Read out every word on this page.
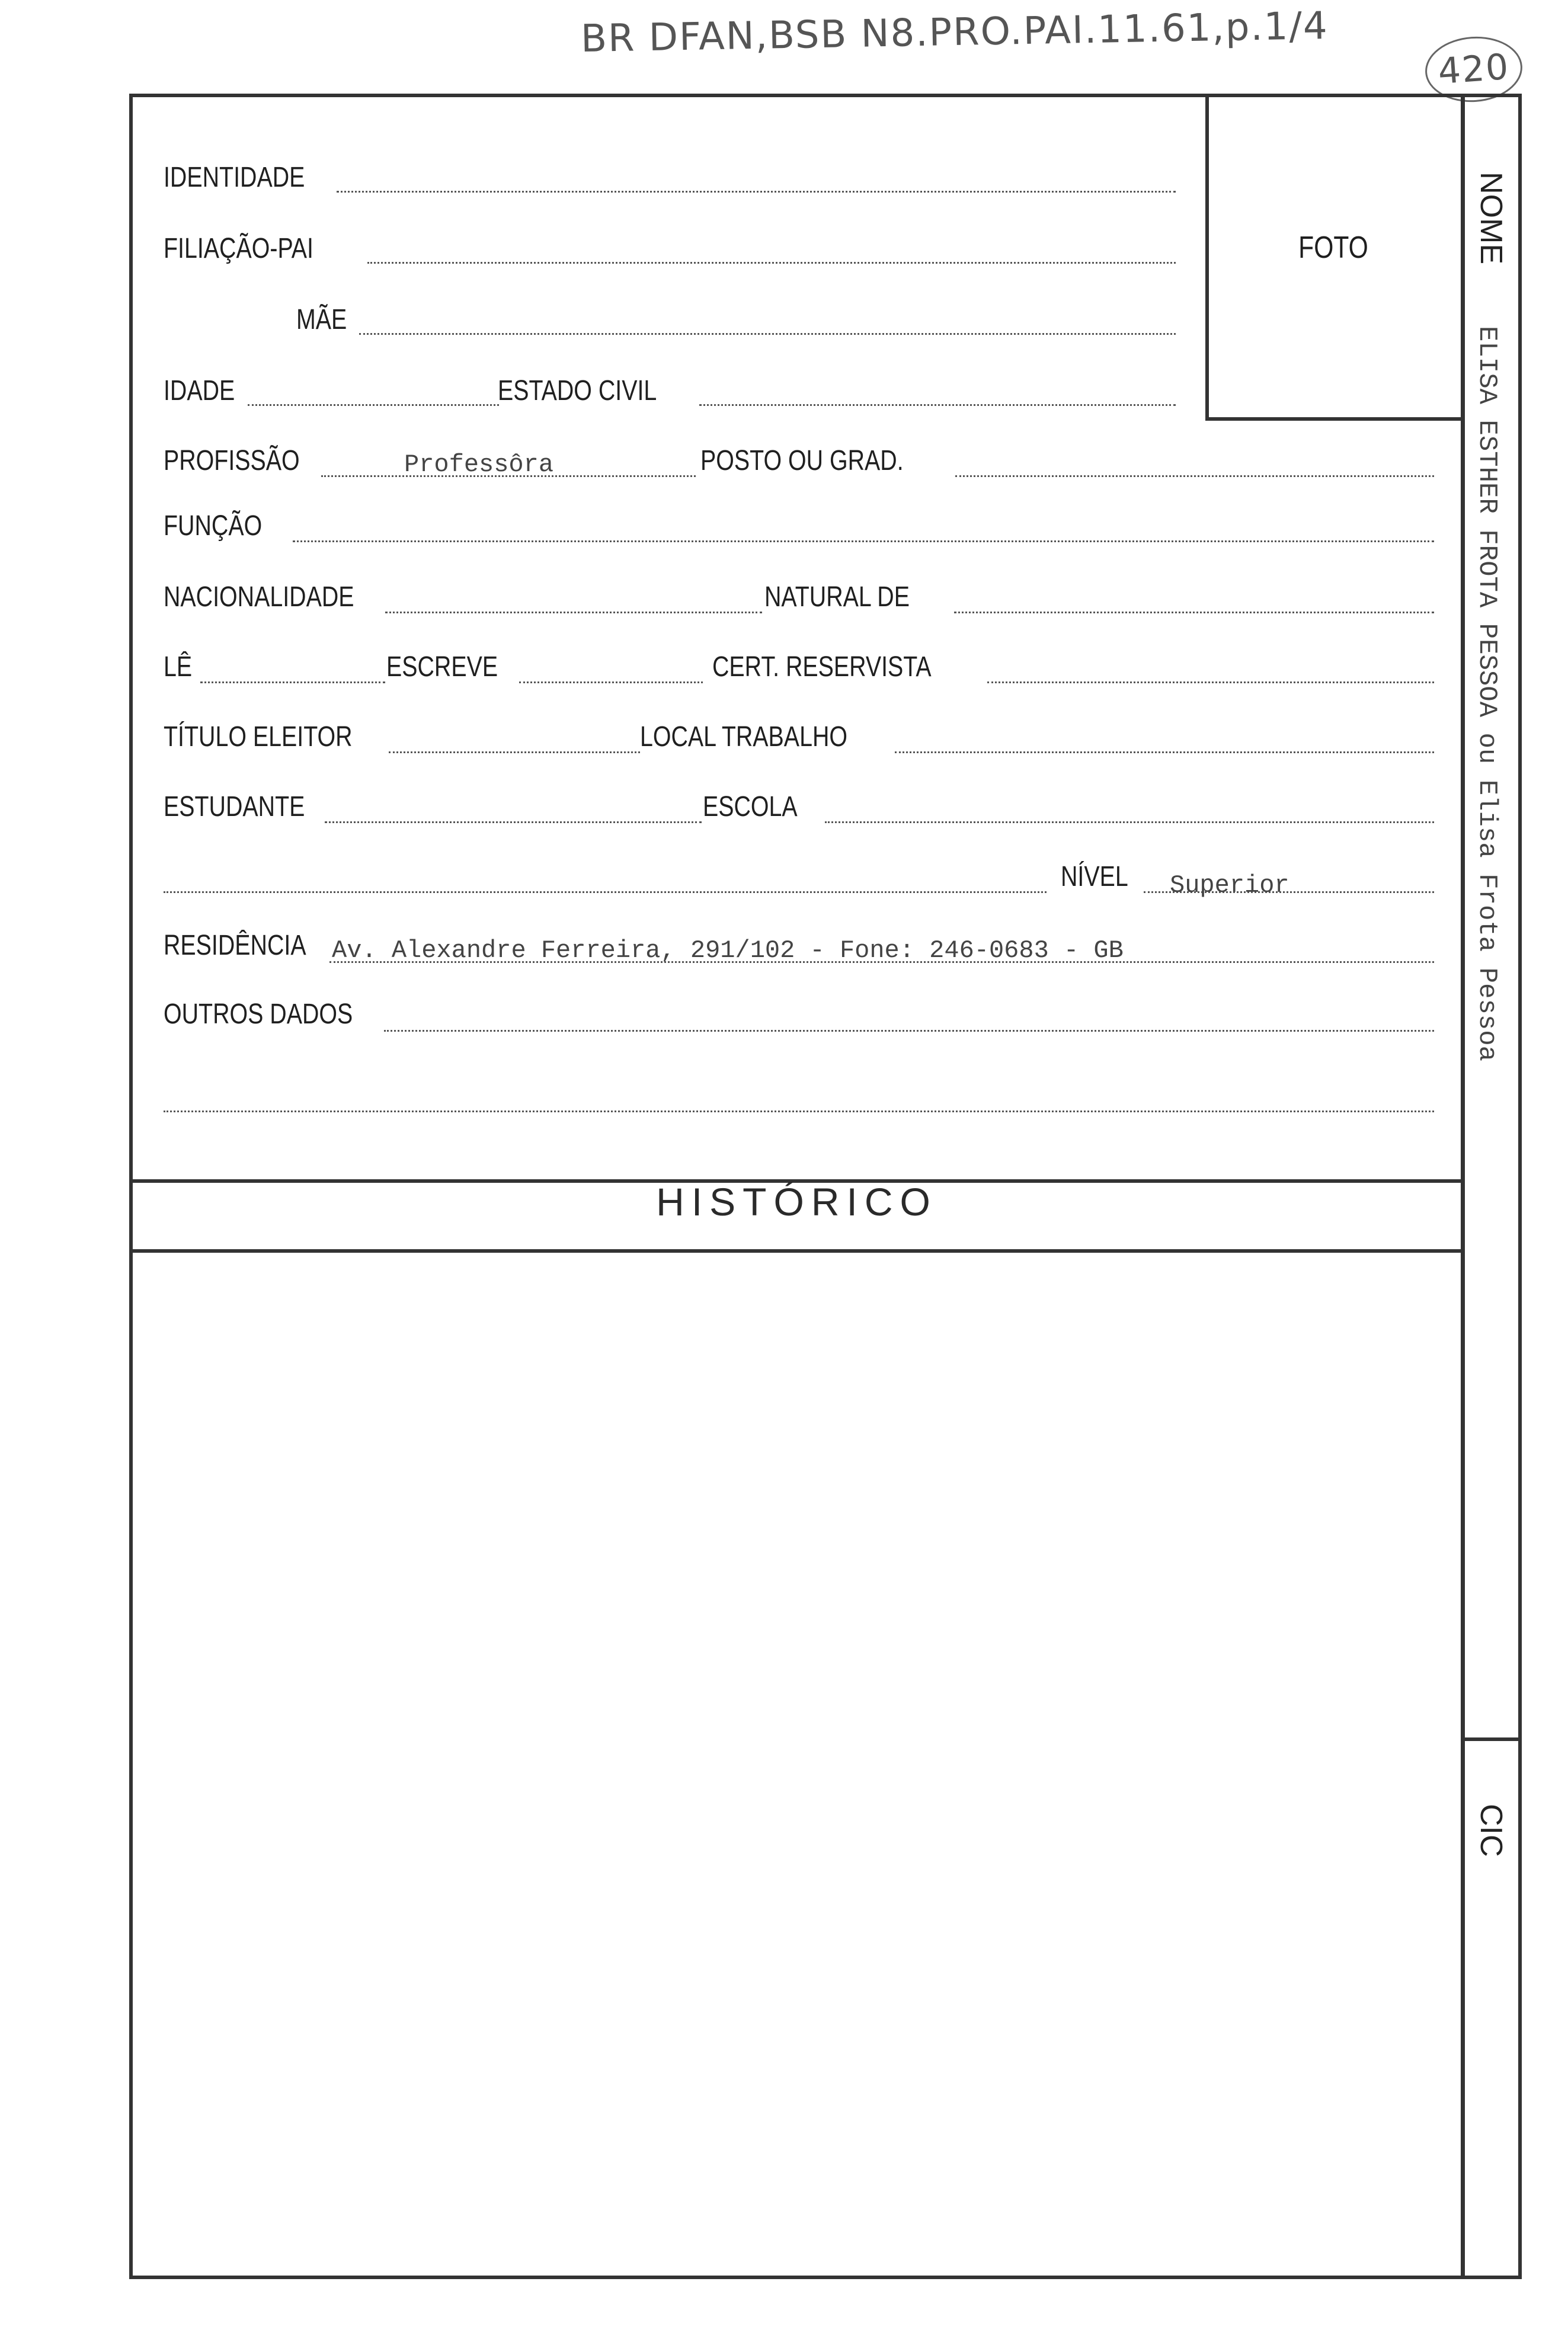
BR DFAN,BSB N8.PRO.PAI.11.61,p.1/4
420
FOTO
HISTÓRICO
NOME
ELISA ESTHER FROTA PESSOA ou Elisa Frota Pessoa
CIC
IDENTIDADE
FILIAÇÃO-PAI
MÃE
IDADE	ESTADO CIVIL
PROFISSÃO	Professôra	POSTO OU GRAD.
FUNÇÃO
NACIONALIDADE	NATURAL DE
LÊ	ESCREVE	CERT. RESERVISTA
TÍTULO ELEITOR	LOCAL TRABALHO
ESTUDANTE	ESCOLA
NÍVEL Superior
RESIDÊNCIA Av. Alexandre Ferreira, 291/102 - Fone: 246-0683 - GB
OUTROS DADOS
